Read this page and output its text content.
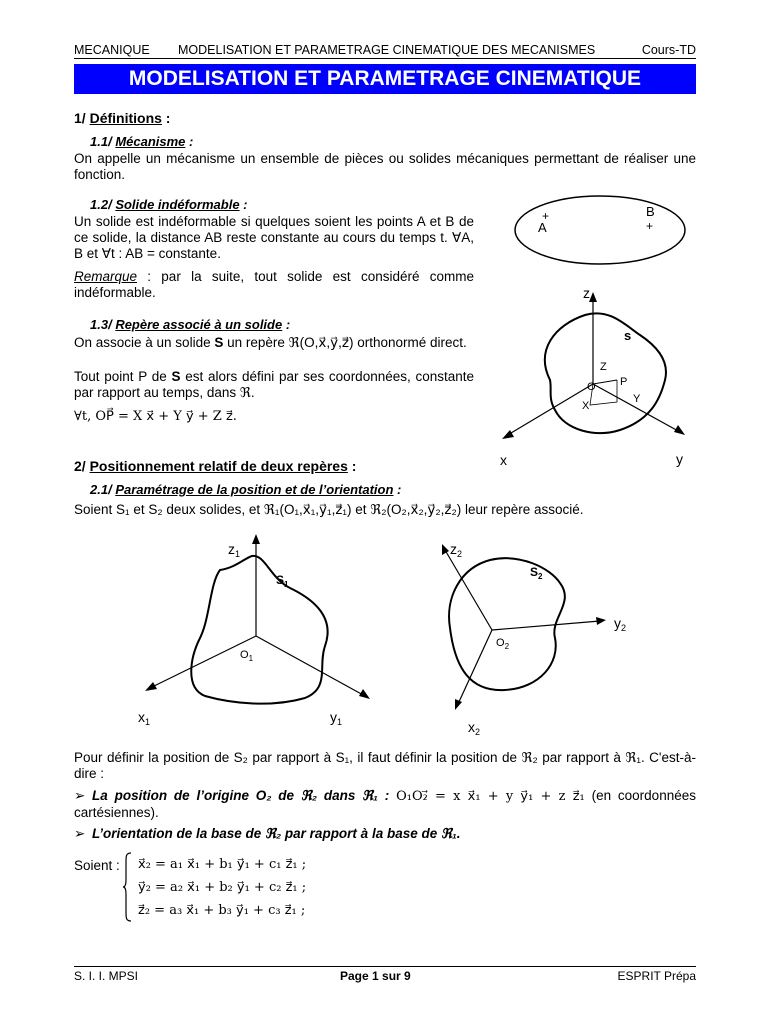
MECANIQUE MODELISATION ET PARAMETRAGE CINEMATIQUE DES MECANISMES	Cours-TD
MODELISATION ET PARAMETRAGE CINEMATIQUE
1/ Définitions :
1.1/ Mécanisme :
On appelle un mécanisme un ensemble de pièces ou solides mécaniques permettant de réaliser une fonction.
1.2/ Solide indéformable :
Un solide est indéformable si quelques soient les points A et B de ce solide, la distance AB reste constante au cours du temps t. ∀A, B et ∀t : AB = constante.
Remarque : par la suite, tout solide est considéré comme indéformable.
1.3/ Repère associé à un solide :
On associe à un solide S un repère ℜ(O,x⃗,y⃗,z⃗) orthonormé direct.
Tout point P de S est alors défini par ses coordonnées, constante par rapport au temps, dans ℜ.
∀t, OP⃗ = X x⃗ + Y y⃗ + Z z⃗.
+
A
B
+
z
x	y
s
O P
X
Y
Z
2/ Positionnement relatif de deux repères :
2.1/ Paramétrage de la position et de l’orientation :
Soient S₁ et S₂ deux solides, et ℜ₁(O₁,x⃗₁,y⃗₁,z⃗₁) et ℜ₂(O₂,x⃗₂,y⃗₂,z⃗₂) leur repère associé.
$z_1$
$x_1$	$y_1$
$S_1$
$O_1$
$z_2$
$y_2$
$x_2$
$S_2$
$O_2$
Pour définir la position de S₂ par rapport à S₁, il faut définir la position de ℜ₂ par rapport à ℜ₁. C'est-à-dire :
➢ La position de l’origine O₂ de ℜ₂ dans ℜ₁ : O₁O₂⃗ = x x⃗₁ + y y⃗₁ + z z⃗₁ (en coordonnées cartésiennes).
➢ L’orientation de la base de ℜ₂ par rapport à la base de ℜ₁.
Soient : x⃗₂ = a₁ x⃗₁ + b₁ y⃗₁ + c₁ z⃗₁ ;
y⃗₂ = a₂ x⃗₁ + b₂ y⃗₁ + c₂ z⃗₁ ;
z⃗₂ = a₃ x⃗₁ + b₃ y⃗₁ + c₃ z⃗₁ ;
S. I. I. MPSI	Page 1 sur 9	ESPRIT Prépa
